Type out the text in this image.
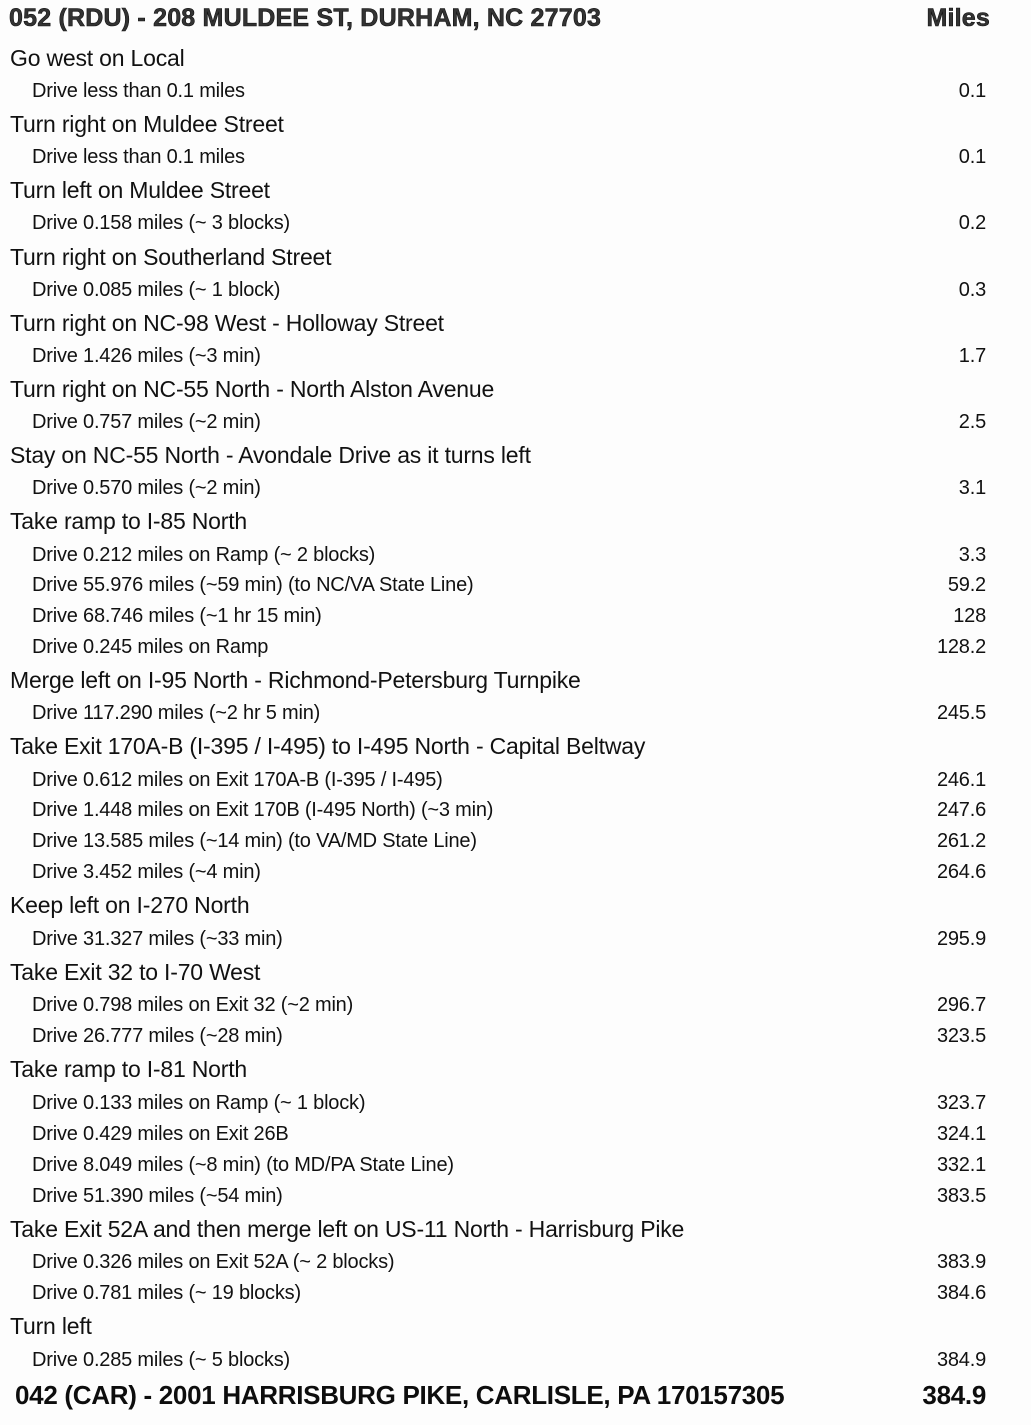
052 (RDU) - 208 MULDEE ST, DURHAM, NC 27703	Miles
Go west on Local
Drive less than 0.1 miles	0.1
Turn right on Muldee Street
Drive less than 0.1 miles	0.1
Turn left on Muldee Street
Drive 0.158 miles (~ 3 blocks)	0.2
Turn right on Southerland Street
Drive 0.085 miles (~ 1 block)	0.3
Turn right on NC-98 West - Holloway Street
Drive 1.426 miles (~3 min)	1.7
Turn right on NC-55 North - North Alston Avenue
Drive 0.757 miles (~2 min)	2.5
Stay on NC-55 North - Avondale Drive as it turns left
Drive 0.570 miles (~2 min)	3.1
Take ramp to I-85 North
Drive 0.212 miles on Ramp (~ 2 blocks)	3.3
Drive 55.976 miles (~59 min) (to NC/VA State Line)	59.2
Drive 68.746 miles (~1 hr 15 min)	128
Drive 0.245 miles on Ramp	128.2
Merge left on I-95 North - Richmond-Petersburg Turnpike
Drive 117.290 miles (~2 hr 5 min)	245.5
Take Exit 170A-B (I-395 / I-495) to I-495 North - Capital Beltway
Drive 0.612 miles on Exit 170A-B (I-395 / I-495)	246.1
Drive 1.448 miles on Exit 170B (I-495 North) (~3 min)	247.6
Drive 13.585 miles (~14 min) (to VA/MD State Line)	261.2
Drive 3.452 miles (~4 min)	264.6
Keep left on I-270 North
Drive 31.327 miles (~33 min)	295.9
Take Exit 32 to I-70 West
Drive 0.798 miles on Exit 32 (~2 min)	296.7
Drive 26.777 miles (~28 min)	323.5
Take ramp to I-81 North
Drive 0.133 miles on Ramp (~ 1 block)	323.7
Drive 0.429 miles on Exit 26B	324.1
Drive 8.049 miles (~8 min) (to MD/PA State Line)	332.1
Drive 51.390 miles (~54 min)	383.5
Take Exit 52A and then merge left on US-11 North - Harrisburg Pike
Drive 0.326 miles on Exit 52A (~ 2 blocks)	383.9
Drive 0.781 miles (~ 19 blocks)	384.6
Turn left
Drive 0.285 miles (~ 5 blocks)	384.9
042 (CAR) - 2001 HARRISBURG PIKE, CARLISLE, PA 170157305	384.9
